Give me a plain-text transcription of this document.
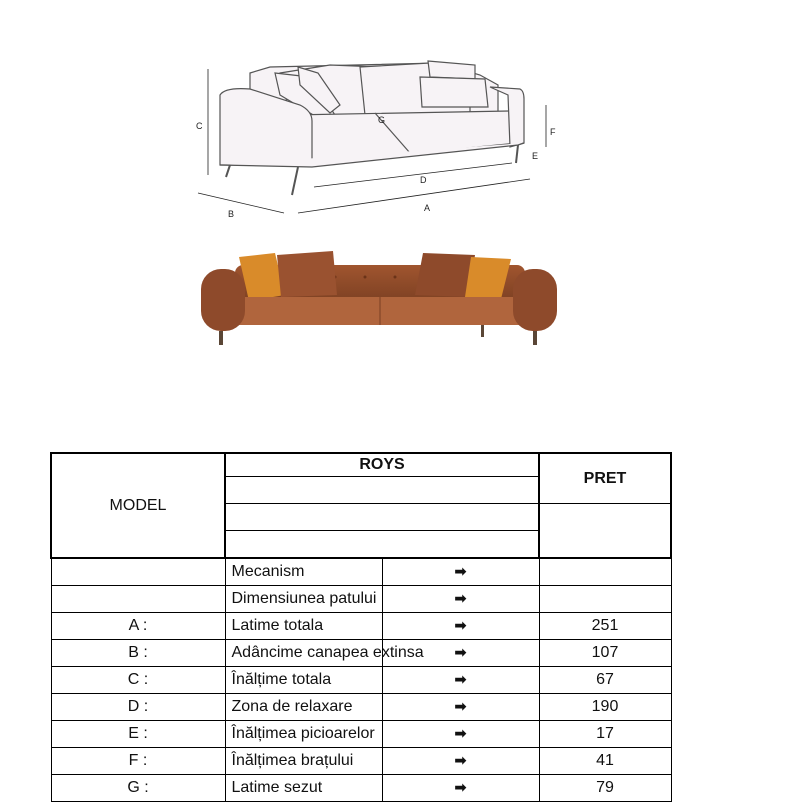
C
B
A
D
E
F
G
MODEL	ROYS		PRET

	Mecanism	➡	
	Dimensiunea patului	➡	
A :	Latime totala	➡	251
B :	Adâncime canapea extinsa	➡	107
C :	Înălțime totala	➡	67
D :	Zona de relaxare	➡	190
E :	Înălțimea picioarelor	➡	17
F :	Înălțimea brațului	➡	41
G :	Latime sezut	➡	79
